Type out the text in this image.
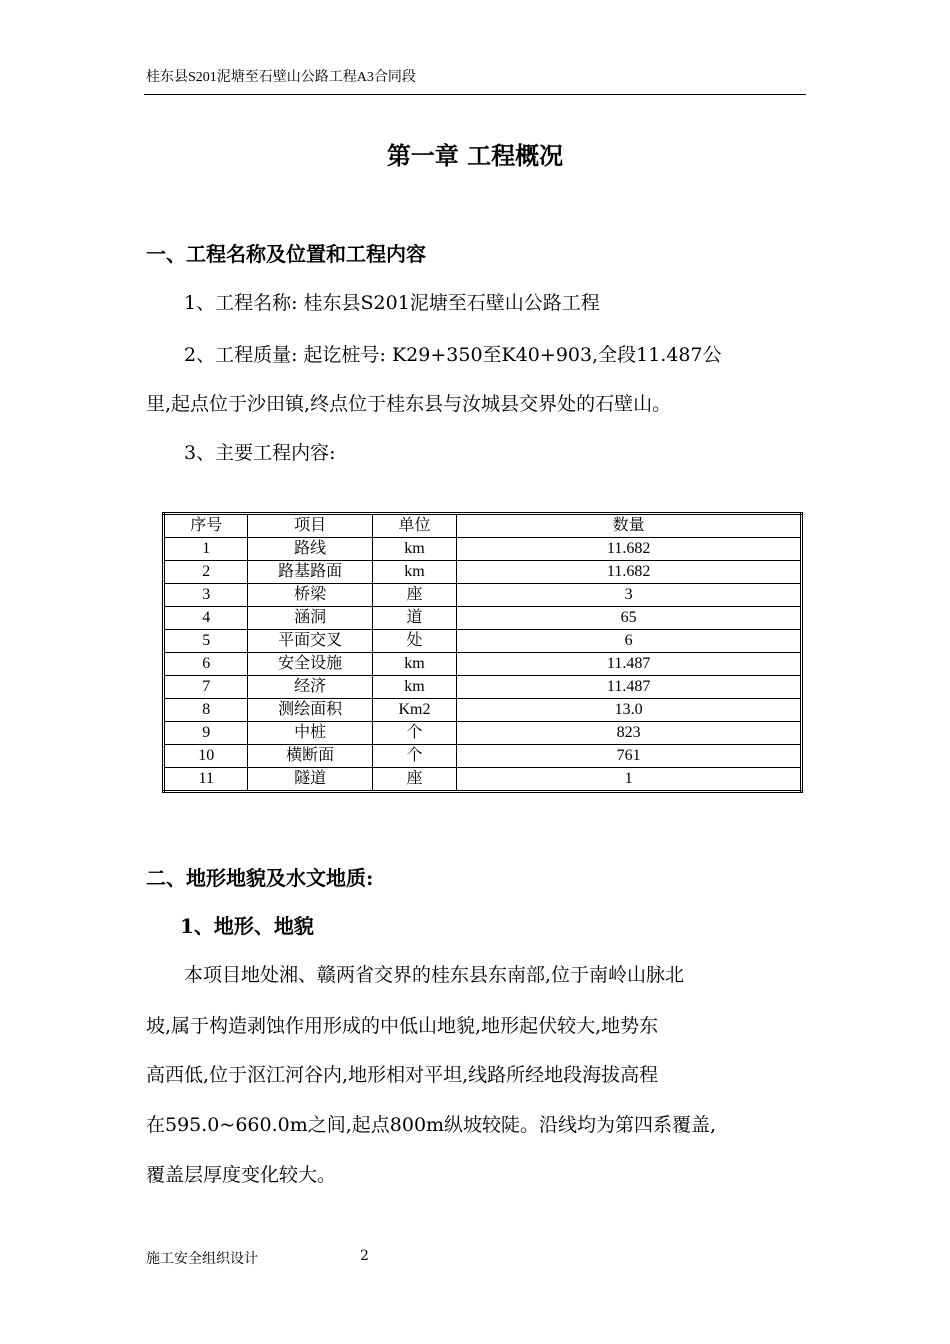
桂东县S201泥塘至石壁山公路工程A3合同段
第一章 工程概况
一、工程名称及位置和工程内容
1、工程名称: 桂东县S201泥塘至石壁山公路工程
2、工程质量: 起讫桩号: K29+350至K40+903,全段11.487公
里,起点位于沙田镇,终点位于桂东县与汝城县交界处的石壁山。
3、主要工程内容:
序号	项目	单位	数量
1	路线	km	11.682
2	路基路面	km	11.682
3	桥梁	座	3
4	涵洞	道	65
5	平面交叉	处	6
6	安全设施	km	11.487
7	经济	km	11.487
8	测绘面积	Km2	13.0
9	中桩	个	823
10	横断面	个	761
11	隧道	座	1
二、地形地貌及水文地质:
1、地形、地貌
本项目地处湘、赣两省交界的桂东县东南部,位于南岭山脉北
坡,属于构造剥蚀作用形成的中低山地貌,地形起伏较大,地势东
高西低,位于沤江河谷内,地形相对平坦,线路所经地段海拔高程
在595.0~660.0m之间,起点800m纵坡较陡。沿线均为第四系覆盖,
覆盖层厚度变化较大。
施工安全组织设计	2
